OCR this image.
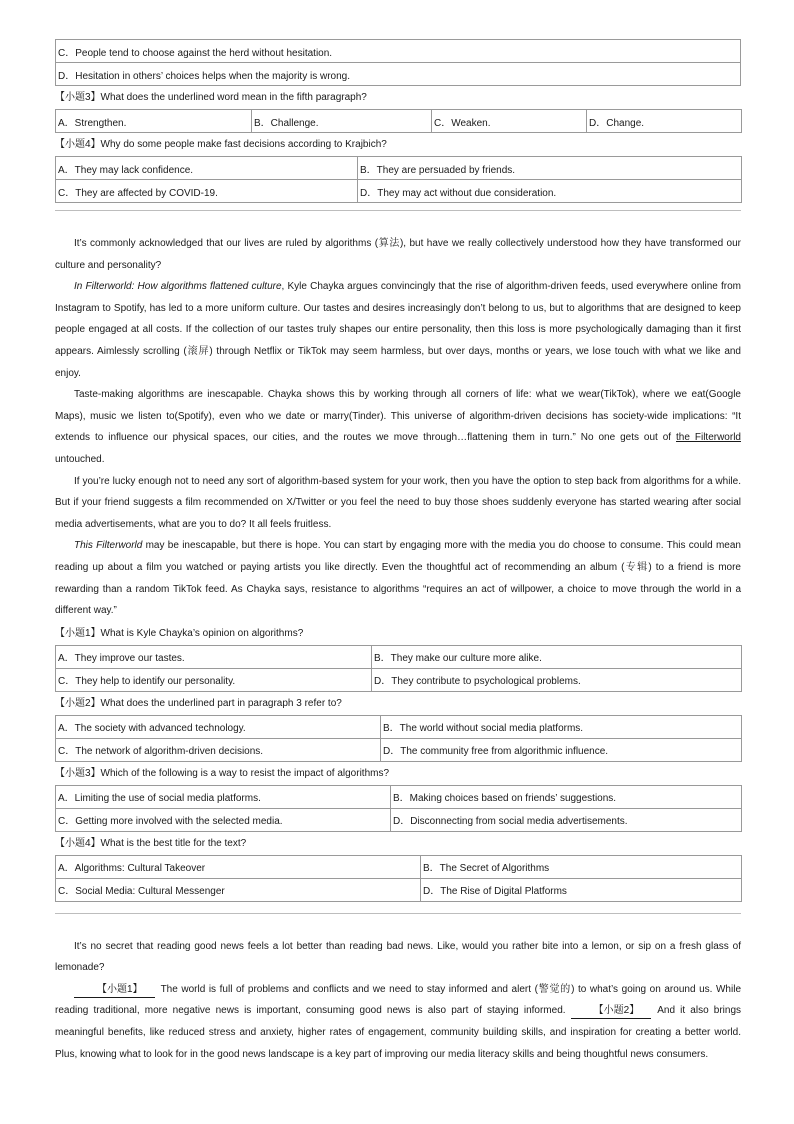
C．People tend to choose against the herd without hesitation.
D．Hesitation in others’ choices helps when the majority is wrong.
【小题3】What does the underlined word mean in the fifth paragraph?
A．Strengthen.	B．Challenge.	C．Weaken.	D．Change.
【小题4】Why do some people make fast decisions according to Krajbich?
A．They may lack confidence.	B．They are persuaded by friends.
C．They are affected by COVID-19.	D．They may act without due consideration.

It’s commonly acknowledged that our lives are ruled by algorithms (算法), but have we really collectively understood how they have transformed our culture and personality?

In Filterworld: How algorithms flattened culture, Kyle Chayka argues convincingly that the rise of algorithm-driven feeds, used everywhere online from Instagram to Spotify, has led to a more uniform culture. Our tastes and desires increasingly don’t belong to us, but to algorithms that are designed to keep people engaged at all costs. If the collection of our tastes truly shapes our entire personality, then this loss is more psychologically damaging than it first appears. Aimlessly scrolling (滚屏) through Netflix or TikTok may seem harmless, but over days, months or years, we lose touch with what we like and enjoy.

Taste-making algorithms are inescapable. Chayka shows this by working through all corners of life: what we wear(TikTok), where we eat(Google Maps), music we listen to(Spotify), even who we date or marry(Tinder). This universe of algorithm-driven decisions has society-wide implications: “It extends to influence our physical spaces, our cities, and the routes we move through…flattening them in turn.” No one gets out of the Filterworld untouched.

If you’re lucky enough not to need any sort of algorithm-based system for your work, then you have the option to step back from algorithms for a while. But if your friend suggests a film recommended on X/Twitter or you feel the need to buy those shoes suddenly everyone has started wearing after social media advertisements, what are you to do? It all feels fruitless.

This Filterworld may be inescapable, but there is hope. You can start by engaging more with the media you do choose to consume. This could mean reading up about a film you watched or paying artists you like directly. Even the thoughtful act of recommending an album (专辑) to a friend is more rewarding than a random TikTok feed. As Chayka says, resistance to algorithms “requires an act of willpower, a choice to move through the world in a different way.”

【小题1】What is Kyle Chayka’s opinion on algorithms?
A．They improve our tastes.	B．They make our culture more alike.
C．They help to identify our personality.	D．They contribute to psychological problems.
【小题2】What does the underlined part in paragraph 3 refer to?
A．The society with advanced technology.	B．The world without social media platforms.
C．The network of algorithm-driven decisions.	D．The community free from algorithmic influence.
【小题3】Which of the following is a way to resist the impact of algorithms?
A．Limiting the use of social media platforms.	B．Making choices based on friends’ suggestions.
C．Getting more involved with the selected media.	D．Disconnecting from social media advertisements.
【小题4】What is the best title for the text?
A．Algorithms: Cultural Takeover	B．The Secret of Algorithms
C．Social Media: Cultural Messenger	D．The Rise of Digital Platforms

It’s no secret that reading good news feels a lot better than reading bad news. Like, would you rather bite into a lemon, or sip on a fresh glass of lemonade?

【小题1】 The world is full of problems and conflicts and we need to stay informed and alert (警觉的) to what’s going on around us. While reading traditional, more negative news is important, consuming good news is also part of staying informed.	【小题2】 And it also brings meaningful benefits, like reduced stress and anxiety, higher rates of engagement, community building skills, and inspiration for creating a better world. Plus, knowing what to look for in the good news landscape is a key part of improving our media literacy skills and being thoughtful news consumers.
